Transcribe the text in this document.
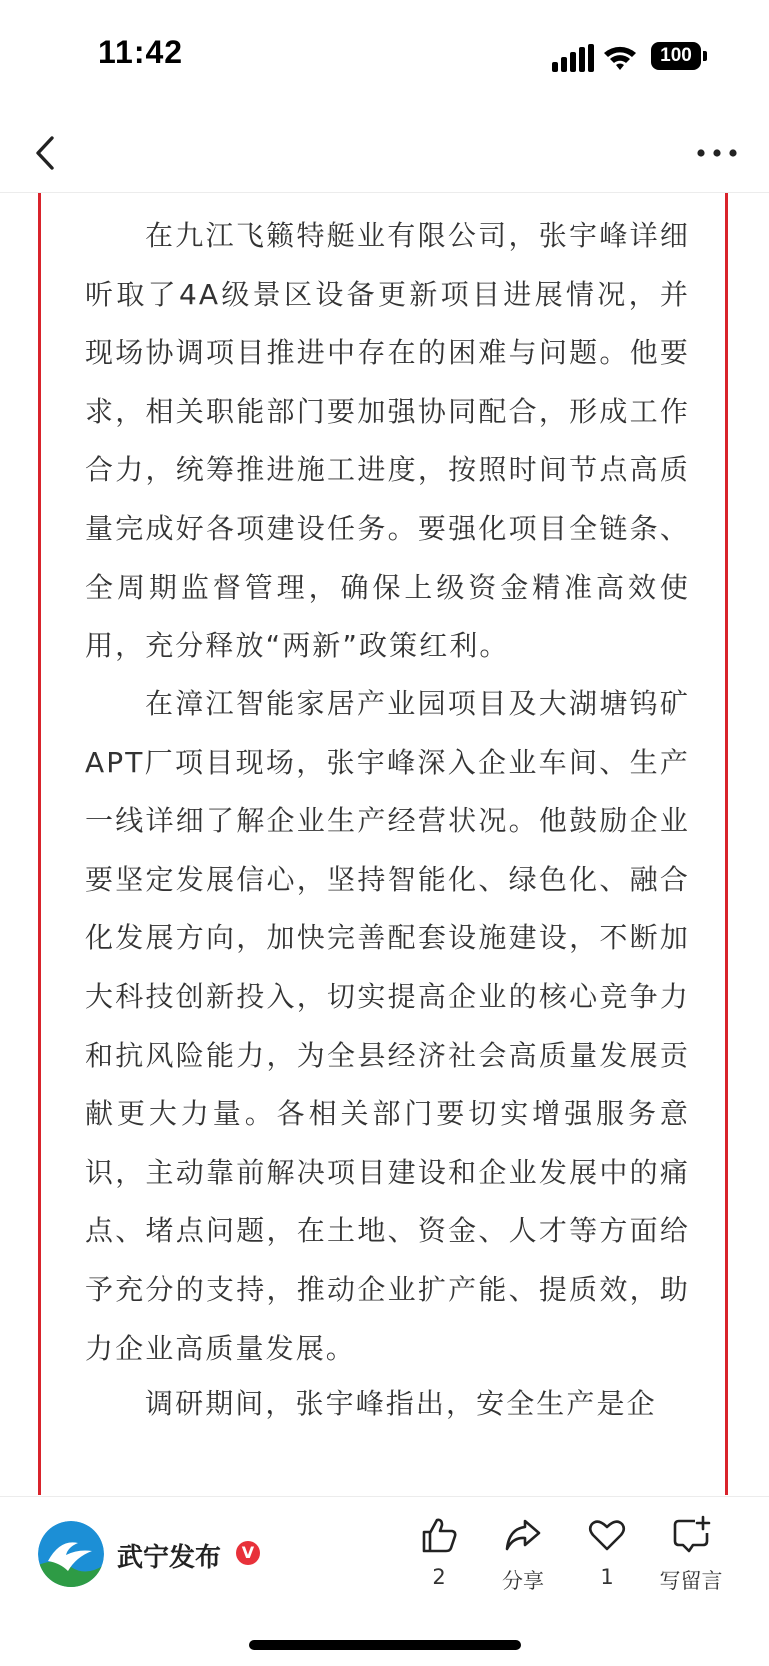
11:42	100

在九江飞籁特艇业有限公司，张宇峰详细听取了4A级景区设备更新项目进展情况，并现场协调项目推进中存在的困难与问题。他要求，相关职能部门要加强协同配合，形成工作合力，统筹推进施工进度，按照时间节点高质量完成好各项建设任务。要强化项目全链条、全周期监督管理，确保上级资金精准高效使用，充分释放“两新”政策红利。

在漳江智能家居产业园项目及大湖塘钨矿APT厂项目现场，张宇峰深入企业车间、生产一线详细了解企业生产经营状况。他鼓励企业要坚定发展信心，坚持智能化、绿色化、融合化发展方向，加快完善配套设施建设，不断加大科技创新投入，切实提高企业的核心竞争力和抗风险能力，为全县经济社会高质量发展贡献更大力量。各相关部门要切实增强服务意识，主动靠前解决项目建设和企业发展中的痛点、堵点问题，在土地、资金、人才等方面给予充分的支持，推动企业扩产能、提质效，助力企业高质量发展。

调研期间，张宇峰指出，安全生产是企

武宁发布	V
2	分享	1	写留言
